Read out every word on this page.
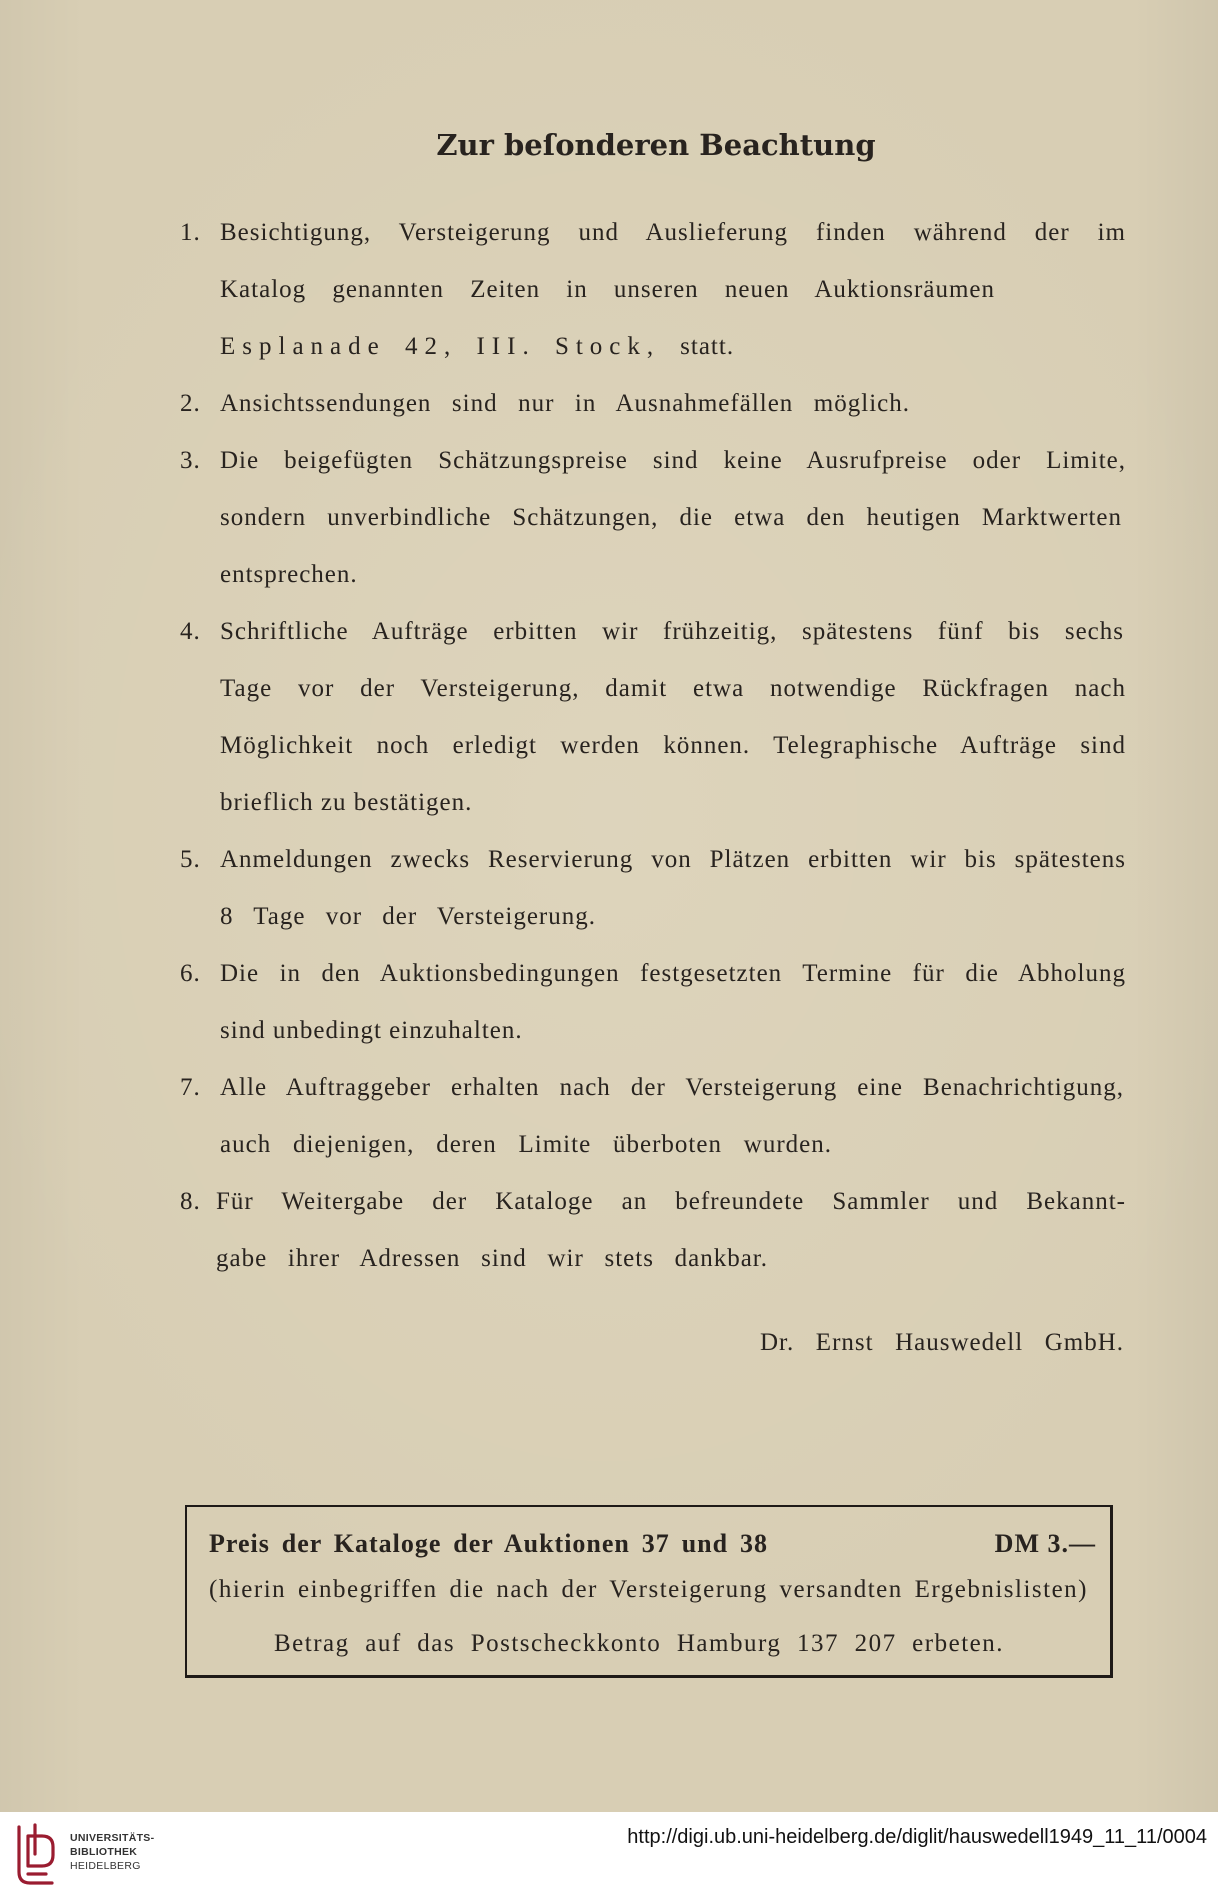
Zur beſonderen Beachtung
1. Besichtigung, Versteigerung und Auslieferung finden während der im
Katalog genannten Zeiten in unseren neuen Auktionsräumen
Esplanade 42, III. Stock, statt.
2. Ansichtssendungen sind nur in Ausnahmefällen möglich.
3. Die beigefügten Schätzungspreise sind keine Ausrufpreise oder Limite,
sondern unverbindliche Schätzungen, die etwa den heutigen Marktwerten
entsprechen.
4. Schriftliche Aufträge erbitten wir frühzeitig, spätestens fünf bis sechs
Tage vor der Versteigerung, damit etwa notwendige Rückfragen nach
Möglichkeit noch erledigt werden können. Telegraphische Aufträge sind
brieflich zu bestätigen.
5. Anmeldungen zwecks Reservierung von Plätzen erbitten wir bis spätestens
8 Tage vor der Versteigerung.
6. Die in den Auktionsbedingungen festgesetzten Termine für die Abholung
sind unbedingt einzuhalten.
7. Alle Auftraggeber erhalten nach der Versteigerung eine Benachrichtigung,
auch diejenigen, deren Limite überboten wurden.
8. Für Weitergabe der Kataloge an befreundete Sammler und Bekannt-
gabe ihrer Adressen sind wir stets dankbar.
Dr. Ernst Hauswedell GmbH.
Preis der Kataloge der Auktionen 37 und 38	DM 3.—
(hierin einbegriffen die nach der Versteigerung versandten Ergebnislisten)
Betrag auf das Postscheckkonto Hamburg 137 207 erbeten.
UNIVERSITÄTS-
BIBLIOTHEK
HEIDELBERG
http://digi.ub.uni-heidelberg.de/diglit/hauswedell1949_11_11/0004
